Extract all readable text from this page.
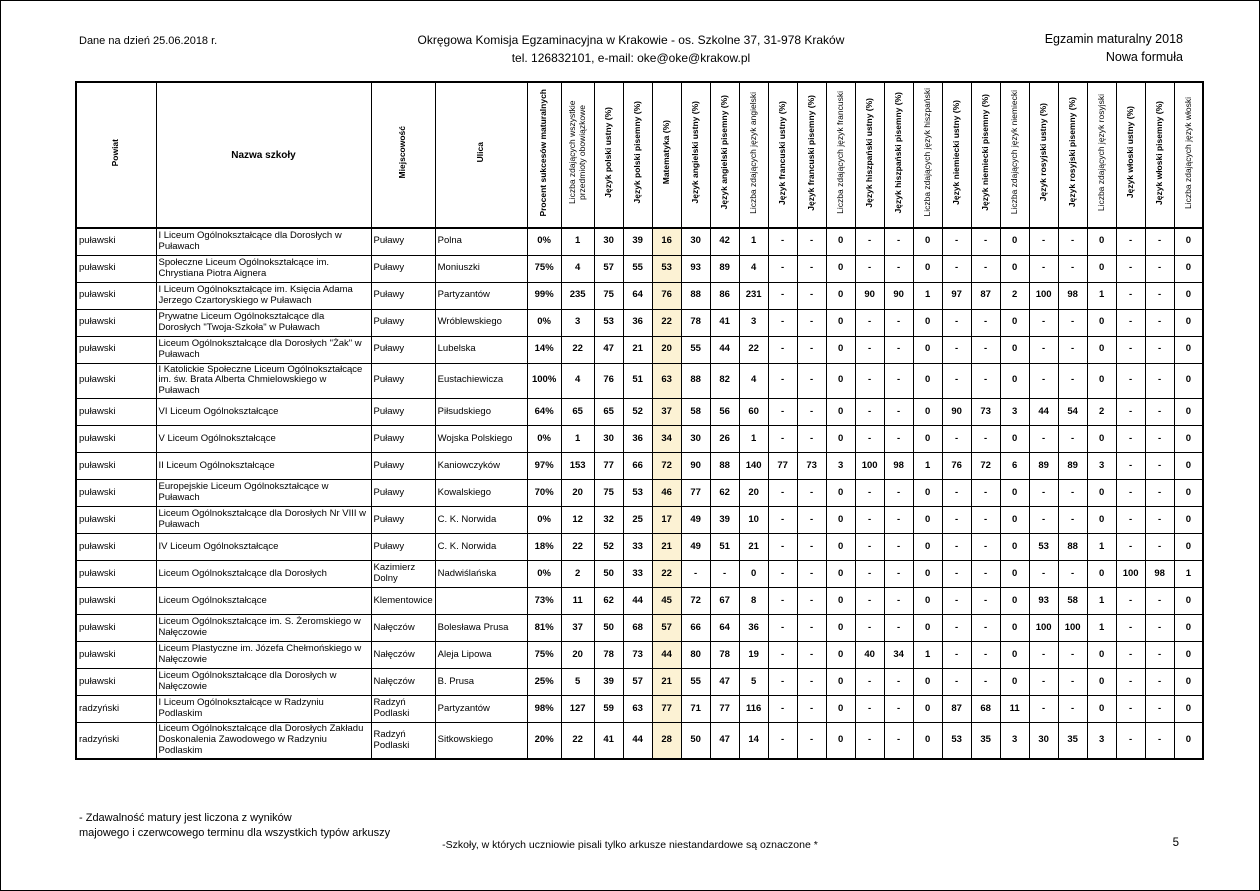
Dane na dzień 25.06.2018 r.	Okręgowa Komisja Egzaminacyjna w Krakowie - os. Szkolne 37, 31-978 Kraków
tel. 126832101, e-mail: oke@oke@krakow.pl
Egzamin maturalny 2018
Nowa formuła
Powiat	Nazwa szkoły	Miejscowość	Ulica	Procent sukcesów maturalnych	Liczba zdających wszystkie przedmioty obowiązkowe	Język polski ustny (%)	Język polski pisemny (%)	Matematyka (%)	Język angielski ustny (%)	Język angielski pisemny (%)	Liczba zdających język angielski	Język francuski ustny (%)	Język francuski pisemny (%)	Liczba zdających język francuski	Język hiszpański ustny (%)	Język hiszpański pisemny (%)	Liczba zdających język hiszpański	Język niemiecki ustny (%)	Język niemiecki pisemny (%)	Liczba zdających język niemiecki	Język rosyjski ustny (%)	Język rosyjski pisemny (%)	Liczba zdających język rosyjski	Język włoski ustny (%)	Język włoski pisemny (%)	Liczba zdających język włoski
puławski	I Liceum Ogólnokształcące dla Dorosłych w Puławach	Puławy	Polna	0%	1	30	39	16	30	42	1	-	-	0	-	-	0	-	-	0	-	-	0	-	-	0
puławski	Społeczne Liceum Ogólnokształcące im. Chrystiana Piotra Aignera	Puławy	Moniuszki	75%	4	57	55	53	93	89	4	-	-	0	-	-	0	-	-	0	-	-	0	-	-	0
puławski	I Liceum Ogólnokształcące im. Księcia Adama Jerzego Czartoryskiego w Puławach	Puławy	Partyzantów	99%	235	75	64	76	88	86	231	-	-	0	90	90	1	97	87	2	100	98	1	-	-	0
puławski	Prywatne Liceum Ogólnokształcące dla Dorosłych "Twoja-Szkoła" w Puławach	Puławy	Wróblewskiego	0%	3	53	36	22	78	41	3	-	-	0	-	-	0	-	-	0	-	-	0	-	-	0
puławski	Liceum Ogólnokształcące dla Dorosłych "Żak" w Puławach	Puławy	Lubelska	14%	22	47	21	20	55	44	22	-	-	0	-	-	0	-	-	0	-	-	0	-	-	0
puławski	I Katolickie Społeczne Liceum Ogólnokształcące im. św. Brata Alberta Chmielowskiego w Puławach	Puławy	Eustachiewicza	100%	4	76	51	63	88	82	4	-	-	0	-	-	0	-	-	0	-	-	0	-	-	0
puławski	VI Liceum Ogólnokształcące	Puławy	Piłsudskiego	64%	65	65	52	37	58	56	60	-	-	0	-	-	0	90	73	3	44	54	2	-	-	0
puławski	V Liceum Ogólnokształcące	Puławy	Wojska Polskiego	0%	1	30	36	34	30	26	1	-	-	0	-	-	0	-	-	0	-	-	0	-	-	0
puławski	II Liceum Ogólnokształcące	Puławy	Kaniowczyków	97%	153	77	66	72	90	88	140	77	73	3	100	98	1	76	72	6	89	89	3	-	-	0
puławski	Europejskie Liceum Ogólnokształcące w Puławach	Puławy	Kowalskiego	70%	20	75	53	46	77	62	20	-	-	0	-	-	0	-	-	0	-	-	0	-	-	0
puławski	Liceum Ogólnokształcące dla Dorosłych Nr VIII w Puławach	Puławy	C. K. Norwida	0%	12	32	25	17	49	39	10	-	-	0	-	-	0	-	-	0	-	-	0	-	-	0
puławski	IV Liceum Ogólnokształcące	Puławy	C. K. Norwida	18%	22	52	33	21	49	51	21	-	-	0	-	-	0	-	-	0	53	88	1	-	-	0
puławski	Liceum Ogólnokształcące dla Dorosłych	Kazimierz Dolny	Nadwiślańska	0%	2	50	33	22	-	-	0	-	-	0	-	-	0	-	-	0	-	-	0	100	98	1
puławski	Liceum Ogólnokształcące	Klementowice		73%	11	62	44	45	72	67	8	-	-	0	-	-	0	-	-	0	93	58	1	-	-	0
puławski	Liceum Ogólnokształcące im. S. Żeromskiego w Nałęczowie	Nałęczów	Bolesława Prusa	81%	37	50	68	57	66	64	36	-	-	0	-	-	0	-	-	0	100	100	1	-	-	0
puławski	Liceum Plastyczne im. Józefa Chełmońskiego w Nałęczowie	Nałęczów	Aleja Lipowa	75%	20	78	73	44	80	78	19	-	-	0	40	34	1	-	-	0	-	-	0	-	-	0
puławski	Liceum Ogólnokształcące dla Dorosłych w Nałęczowie	Nałęczów	B. Prusa	25%	5	39	57	21	55	47	5	-	-	0	-	-	0	-	-	0	-	-	0	-	-	0
radzyński	I Liceum Ogólnokształcące w Radzyniu Podlaskim	Radzyń Podlaski	Partyzantów	98%	127	59	63	77	71	77	116	-	-	0	-	-	0	87	68	11	-	-	0	-	-	0
radzyński	Liceum Ogólnokształcące dla Dorosłych Zakładu Doskonalenia Zawodowego w Radzyniu Podlaskim	Radzyń Podlaski	Sitkowskiego	20%	22	41	44	28	50	47	14	-	-	0	-	-	0	53	35	3	30	35	3	-	-	0
- Zdawalność matury jest liczona z wyników
majowego i czerwcowego terminu dla wszystkich typów arkuszy
-Szkoły, w których uczniowie pisali tylko arkusze niestandardowe są oznaczone *	5
